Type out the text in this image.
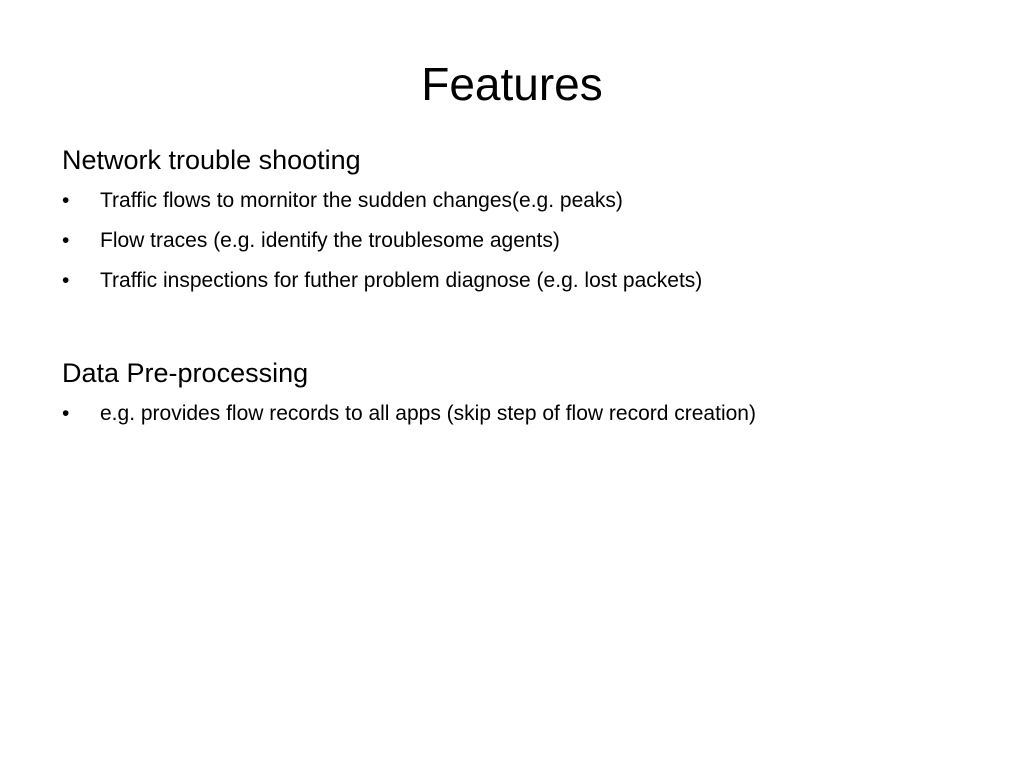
Features
Network trouble shooting
•	Traffic flows to mornitor the sudden changes(e.g. peaks)
•	Flow traces (e.g. identify the troublesome agents)
•	Traffic inspections for futher problem diagnose (e.g. lost packets)
Data Pre-processing
•	e.g. provides flow records to all apps (skip step of flow record creation)
